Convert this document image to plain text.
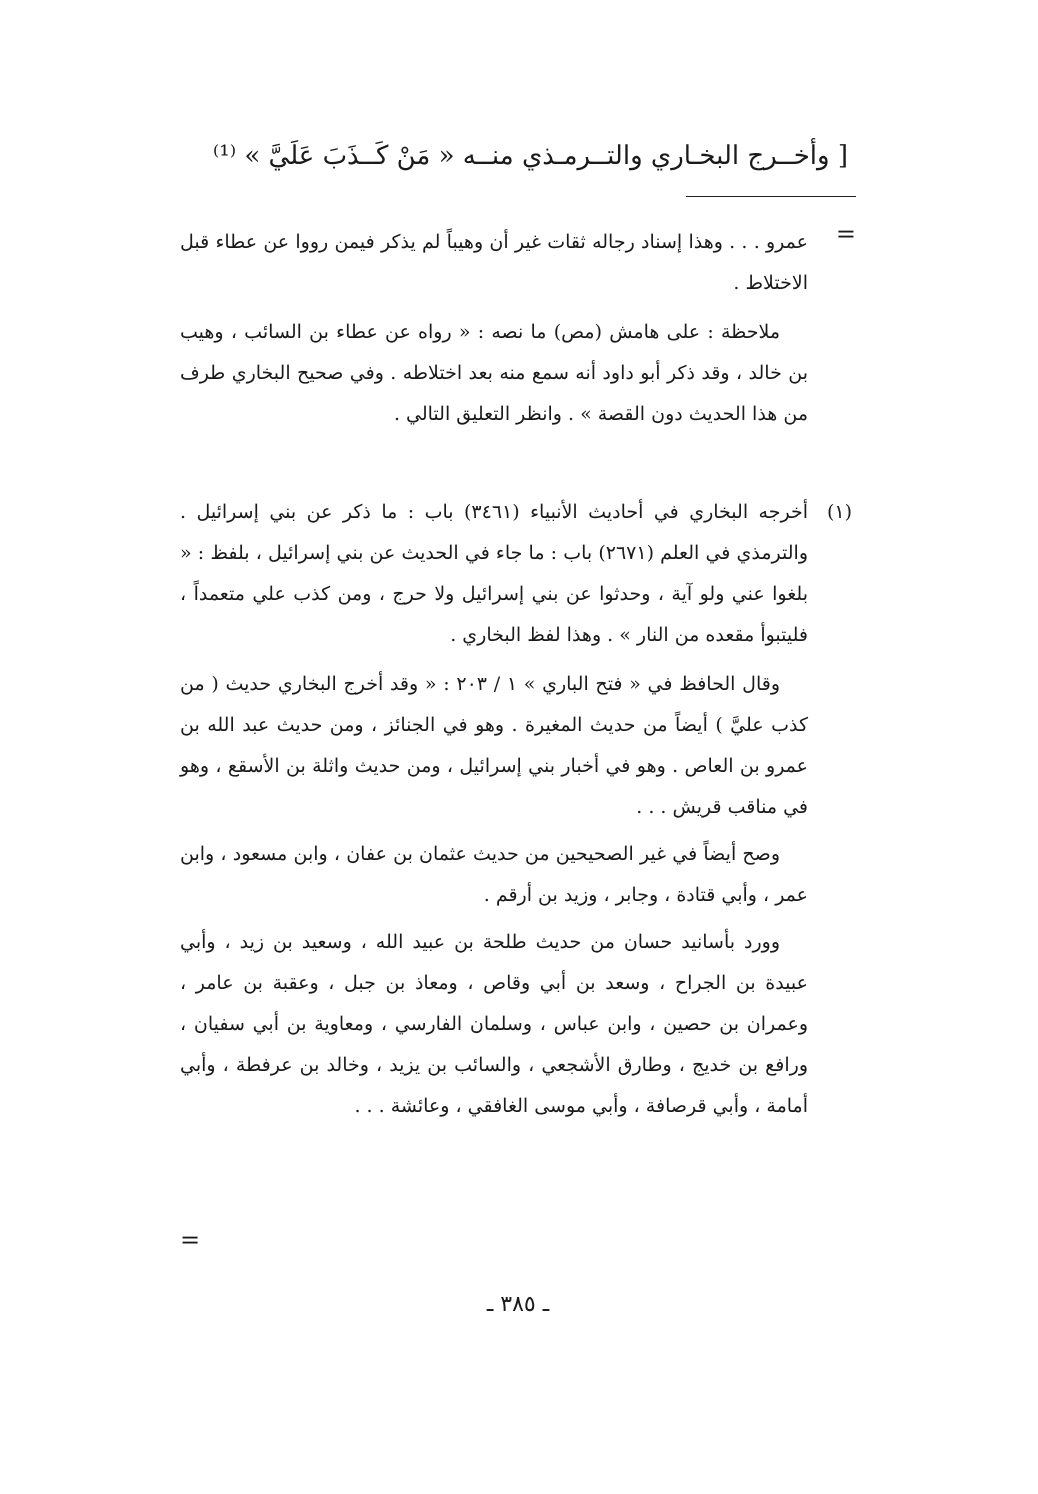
[ وأخــرج البخـاري والتــرمـذي منــه « مَنْ كَــذَبَ عَلَيَّ » ⁽¹⁾
=

عمرو . . . وهذا إسناد رجاله ثقات غير أن وهيباً لم يذكر فيمن رووا عن عطاء قبل الاختلاط .

ملاحظة : على هامش (مص) ما نصه : « رواه عن عطاء بن السائب ، وهيب بن خالد ، وقد ذكر أبو داود أنه سمع منه بعد اختلاطه . وفي صحيح البخاري طرف من هذا الحديث دون القصة » . وانظر التعليق التالي .

(١)

أخرجه البخاري في أحاديث الأنبياء (٣٤٦١) باب : ما ذكر عن بني إسرائيل . والترمذي في العلم (٢٦٧١) باب : ما جاء في الحديث عن بني إسرائيل ، بلفظ : « بلغوا عني ولو آية ، وحدثوا عن بني إسرائيل ولا حرج ، ومن كذب علي متعمداً ، فليتبوأ مقعده من النار » . وهذا لفظ البخاري .

وقال الحافظ في « فتح الباري » ١ / ٢٠٣ : « وقد أخرج البخاري حديث ( من كذب عليَّ ) أيضاً من حديث المغيرة . وهو في الجنائز ، ومن حديث عبد الله بن عمرو بن العاص . وهو في أخبار بني إسرائيل ، ومن حديث واثلة بن الأسقع ، وهو في مناقب قريش . . .

وصح أيضاً في غير الصحيحين من حديث عثمان بن عفان ، وابن مسعود ، وابن عمر ، وأبي قتادة ، وجابر ، وزيد بن أرقم .

وورد بأسانيد حسان من حديث طلحة بن عبيد الله ، وسعيد بن زيد ، وأبي عبيدة بن الجراح ، وسعد بن أبي وقاص ، ومعاذ بن جبل ، وعقبة بن عامر ، وعمران بن حصين ، وابن عباس ، وسلمان الفارسي ، ومعاوية بن أبي سفيان ، ورافع بن خديج ، وطارق الأشجعي ، والسائب بن يزيد ، وخالد بن عرفطة ، وأبي أمامة ، وأبي قرصافة ، وأبي موسى الغافقي ، وعائشة . . .

=
ـ ٣٨٥ ـ
